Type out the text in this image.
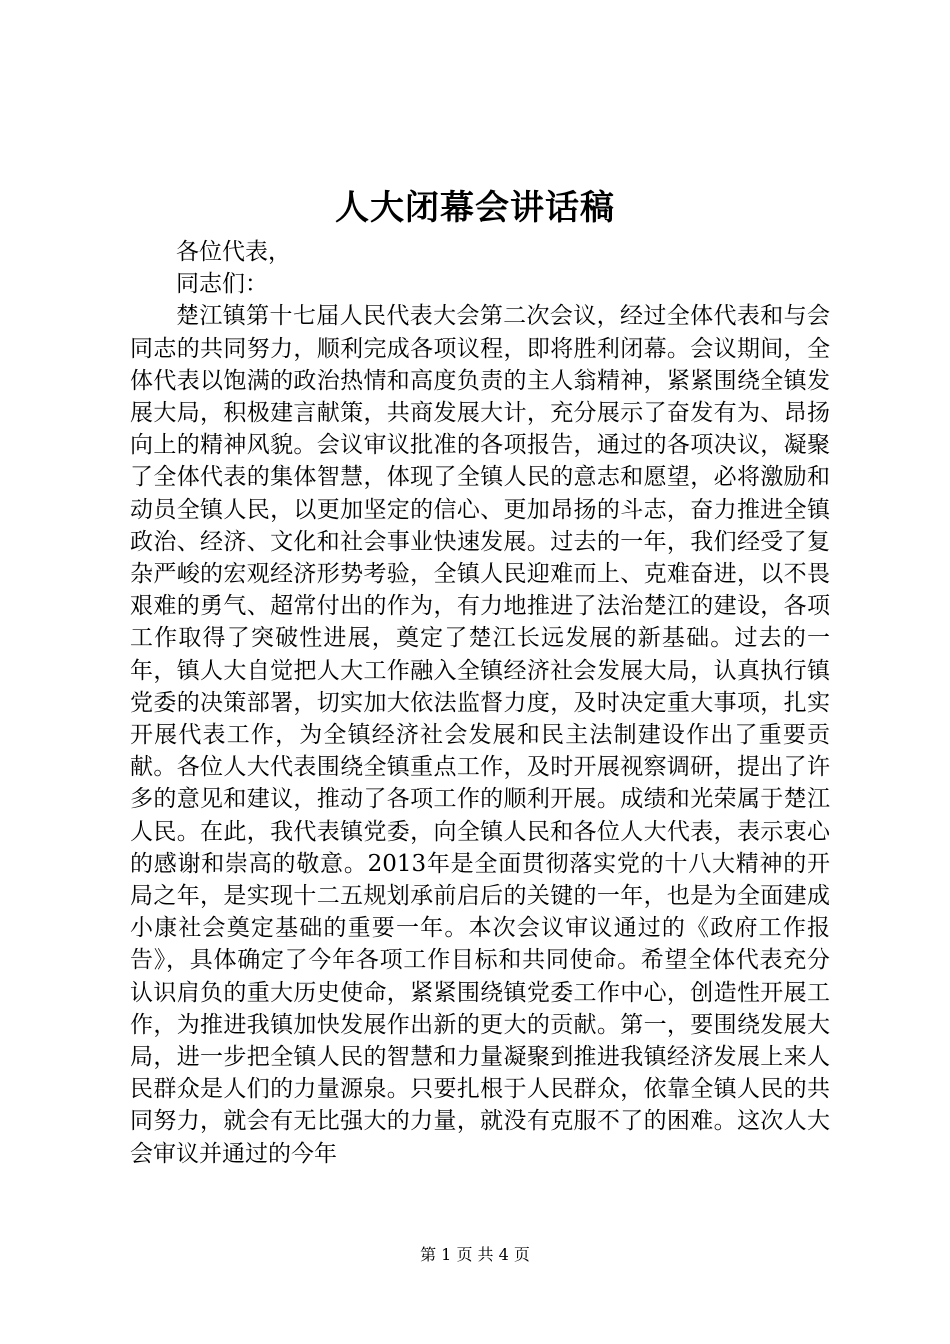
人大闭幕会讲话稿

各位代表，

同志们：

楚江镇第十七届人民代表大会第二次会议，经过全体代表和与会同志的共同努力，顺利完成各项议程，即将胜利闭幕。会议期间，全体代表以饱满的政治热情和高度负责的主人翁精神，紧紧围绕全镇发展大局，积极建言献策，共商发展大计，充分展示了奋发有为、昂扬向上的精神风貌。会议审议批准的各项报告，通过的各项决议，凝聚了全体代表的集体智慧，体现了全镇人民的意志和愿望，必将激励和动员全镇人民，以更加坚定的信心、更加昂扬的斗志，奋力推进全镇政治、经济、文化和社会事业快速发展。过去的一年，我们经受了复杂严峻的宏观经济形势考验，全镇人民迎难而上、克难奋进，以不畏艰难的勇气、超常付出的作为，有力地推进了法治楚江的建设，各项工作取得了突破性进展，奠定了楚江长远发展的新基础。过去的一年，镇人大自觉把人大工作融入全镇经济社会发展大局，认真执行镇党委的决策部署，切实加大依法监督力度，及时决定重大事项，扎实开展代表工作，为全镇经济社会发展和民主法制建设作出了重要贡献。各位人大代表围绕全镇重点工作，及时开展视察调研，提出了许多的意见和建议，推动了各项工作的顺利开展。成绩和光荣属于楚江人民。在此，我代表镇党委，向全镇人民和各位人大代表，表示衷心的感谢和崇高的敬意。2013年是全面贯彻落实党的十八大精神的开局之年，是实现十二五规划承前启后的关键的一年，也是为全面建成小康社会奠定基础的重要一年。本次会议审议通过的《政府工作报告》，具体确定了今年各项工作目标和共同使命。希望全体代表充分认识肩负的重大历史使命，紧紧围绕镇党委工作中心，创造性开展工作，为推进我镇加快发展作出新的更大的贡献。第一，要围绕发展大局，进一步把全镇人民的智慧和力量凝聚到推进我镇经济发展上来人民群众是人们的力量源泉。只要扎根于人民群众，依靠全镇人民的共同努力，就会有无比强大的力量，就没有克服不了的困难。这次人大会审议并通过的今年

第 1 页 共 4 页
